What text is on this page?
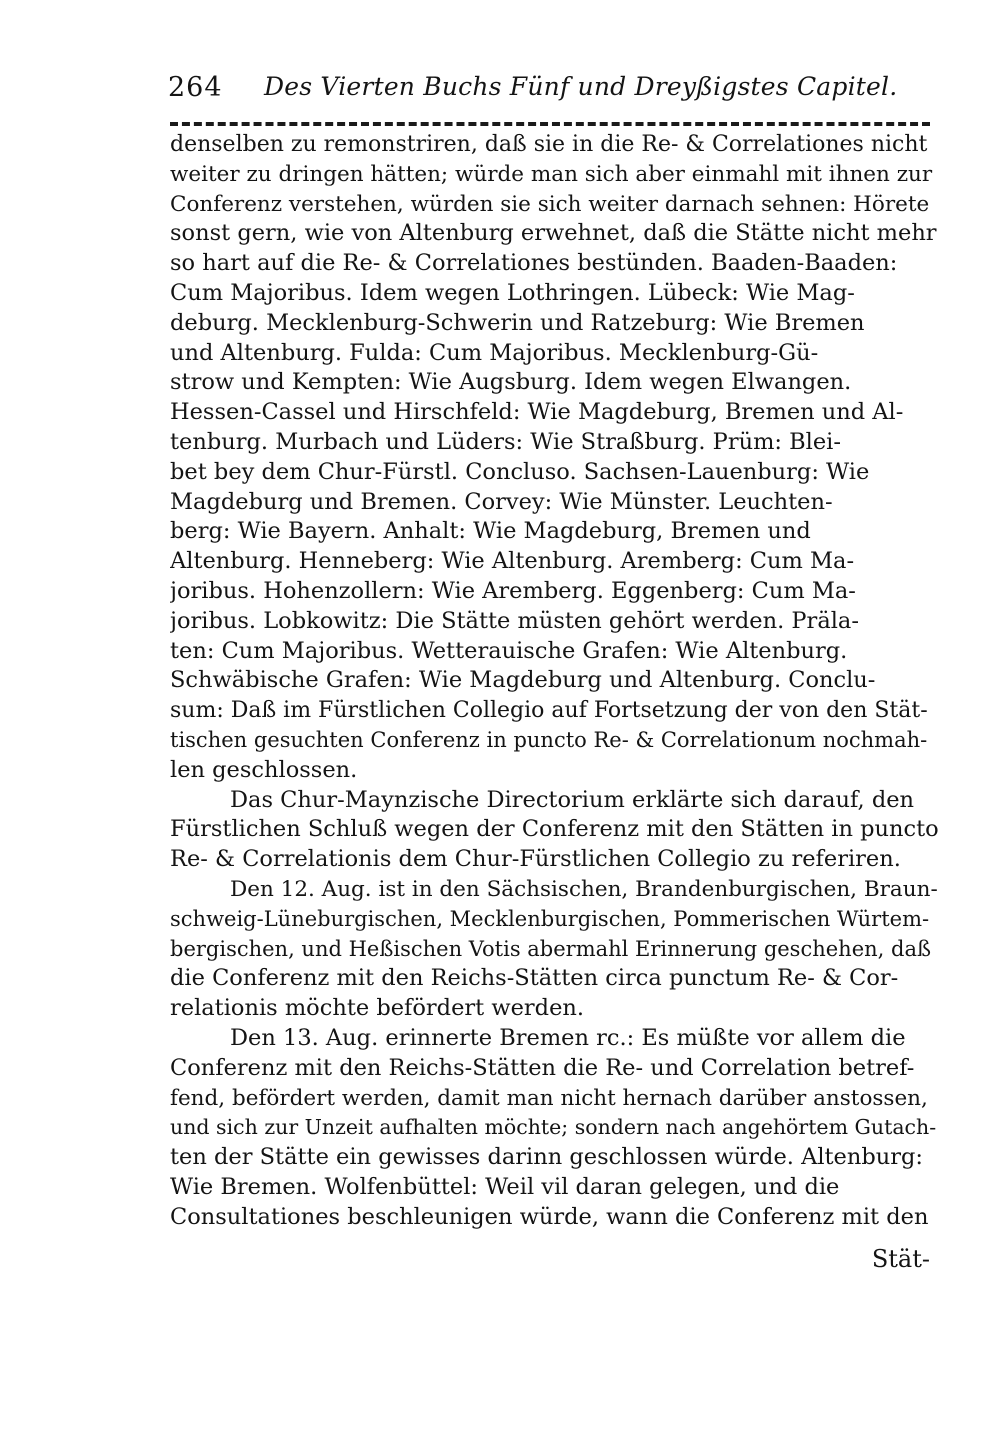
264 Des Vierten Buchs Fünf und Dreyßigstes Capitel.
denselben zu remonstriren, daß sie in die Re- & Correlationes nicht
weiter zu dringen hätten; würde man sich aber einmahl mit ihnen zur
Conferenz verstehen, würden sie sich weiter darnach sehnen: Hörete
sonst gern, wie von Altenburg erwehnet, daß die Stätte nicht mehr
so hart auf die Re- & Correlationes bestünden. Baaden-Baaden:
Cum Majoribus. Idem wegen Lothringen. Lübeck: Wie Mag-
deburg. Mecklenburg-Schwerin und Ratzeburg: Wie Bremen
und Altenburg. Fulda: Cum Majoribus. Mecklenburg-Gü-
strow und Kempten: Wie Augsburg. Idem wegen Elwangen.
Hessen-Cassel und Hirschfeld: Wie Magdeburg, Bremen und Al-
tenburg. Murbach und Lüders: Wie Straßburg. Prüm: Blei-
bet bey dem Chur-Fürstl. Concluso. Sachsen-Lauenburg: Wie
Magdeburg und Bremen. Corvey: Wie Münster. Leuchten-
berg: Wie Bayern. Anhalt: Wie Magdeburg, Bremen und
Altenburg. Henneberg: Wie Altenburg. Aremberg: Cum Ma-
joribus. Hohenzollern: Wie Aremberg. Eggenberg: Cum Ma-
joribus. Lobkowitz: Die Stätte müsten gehört werden. Präla-
ten: Cum Majoribus. Wetterauische Grafen: Wie Altenburg.
Schwäbische Grafen: Wie Magdeburg und Altenburg. Conclu-
sum: Daß im Fürstlichen Collegio auf Fortsetzung der von den Stät-
tischen gesuchten Conferenz in puncto Re- & Correlationum nochmah-
len geschlossen.
Das Chur-Maynzische Directorium erklärte sich darauf, den
Fürstlichen Schluß wegen der Conferenz mit den Stätten in puncto
Re- & Correlationis dem Chur-Fürstlichen Collegio zu referiren.
Den 12. Aug. ist in den Sächsischen, Brandenburgischen, Braun-
schweig-Lüneburgischen, Mecklenburgischen, Pommerischen Würtem-
bergischen, und Heßischen Votis abermahl Erinnerung geschehen, daß
die Conferenz mit den Reichs-Stätten circa punctum Re- & Cor-
relationis möchte befördert werden.
Den 13. Aug. erinnerte Bremen rc.: Es müßte vor allem die
Conferenz mit den Reichs-Stätten die Re- und Correlation betref-
fend, befördert werden, damit man nicht hernach darüber anstossen,
und sich zur Unzeit aufhalten möchte; sondern nach angehörtem Gutach-
ten der Stätte ein gewisses darinn geschlossen würde. Altenburg:
Wie Bremen. Wolfenbüttel: Weil vil daran gelegen, und die
Consultationes beschleunigen würde, wann die Conferenz mit den
Stät-
